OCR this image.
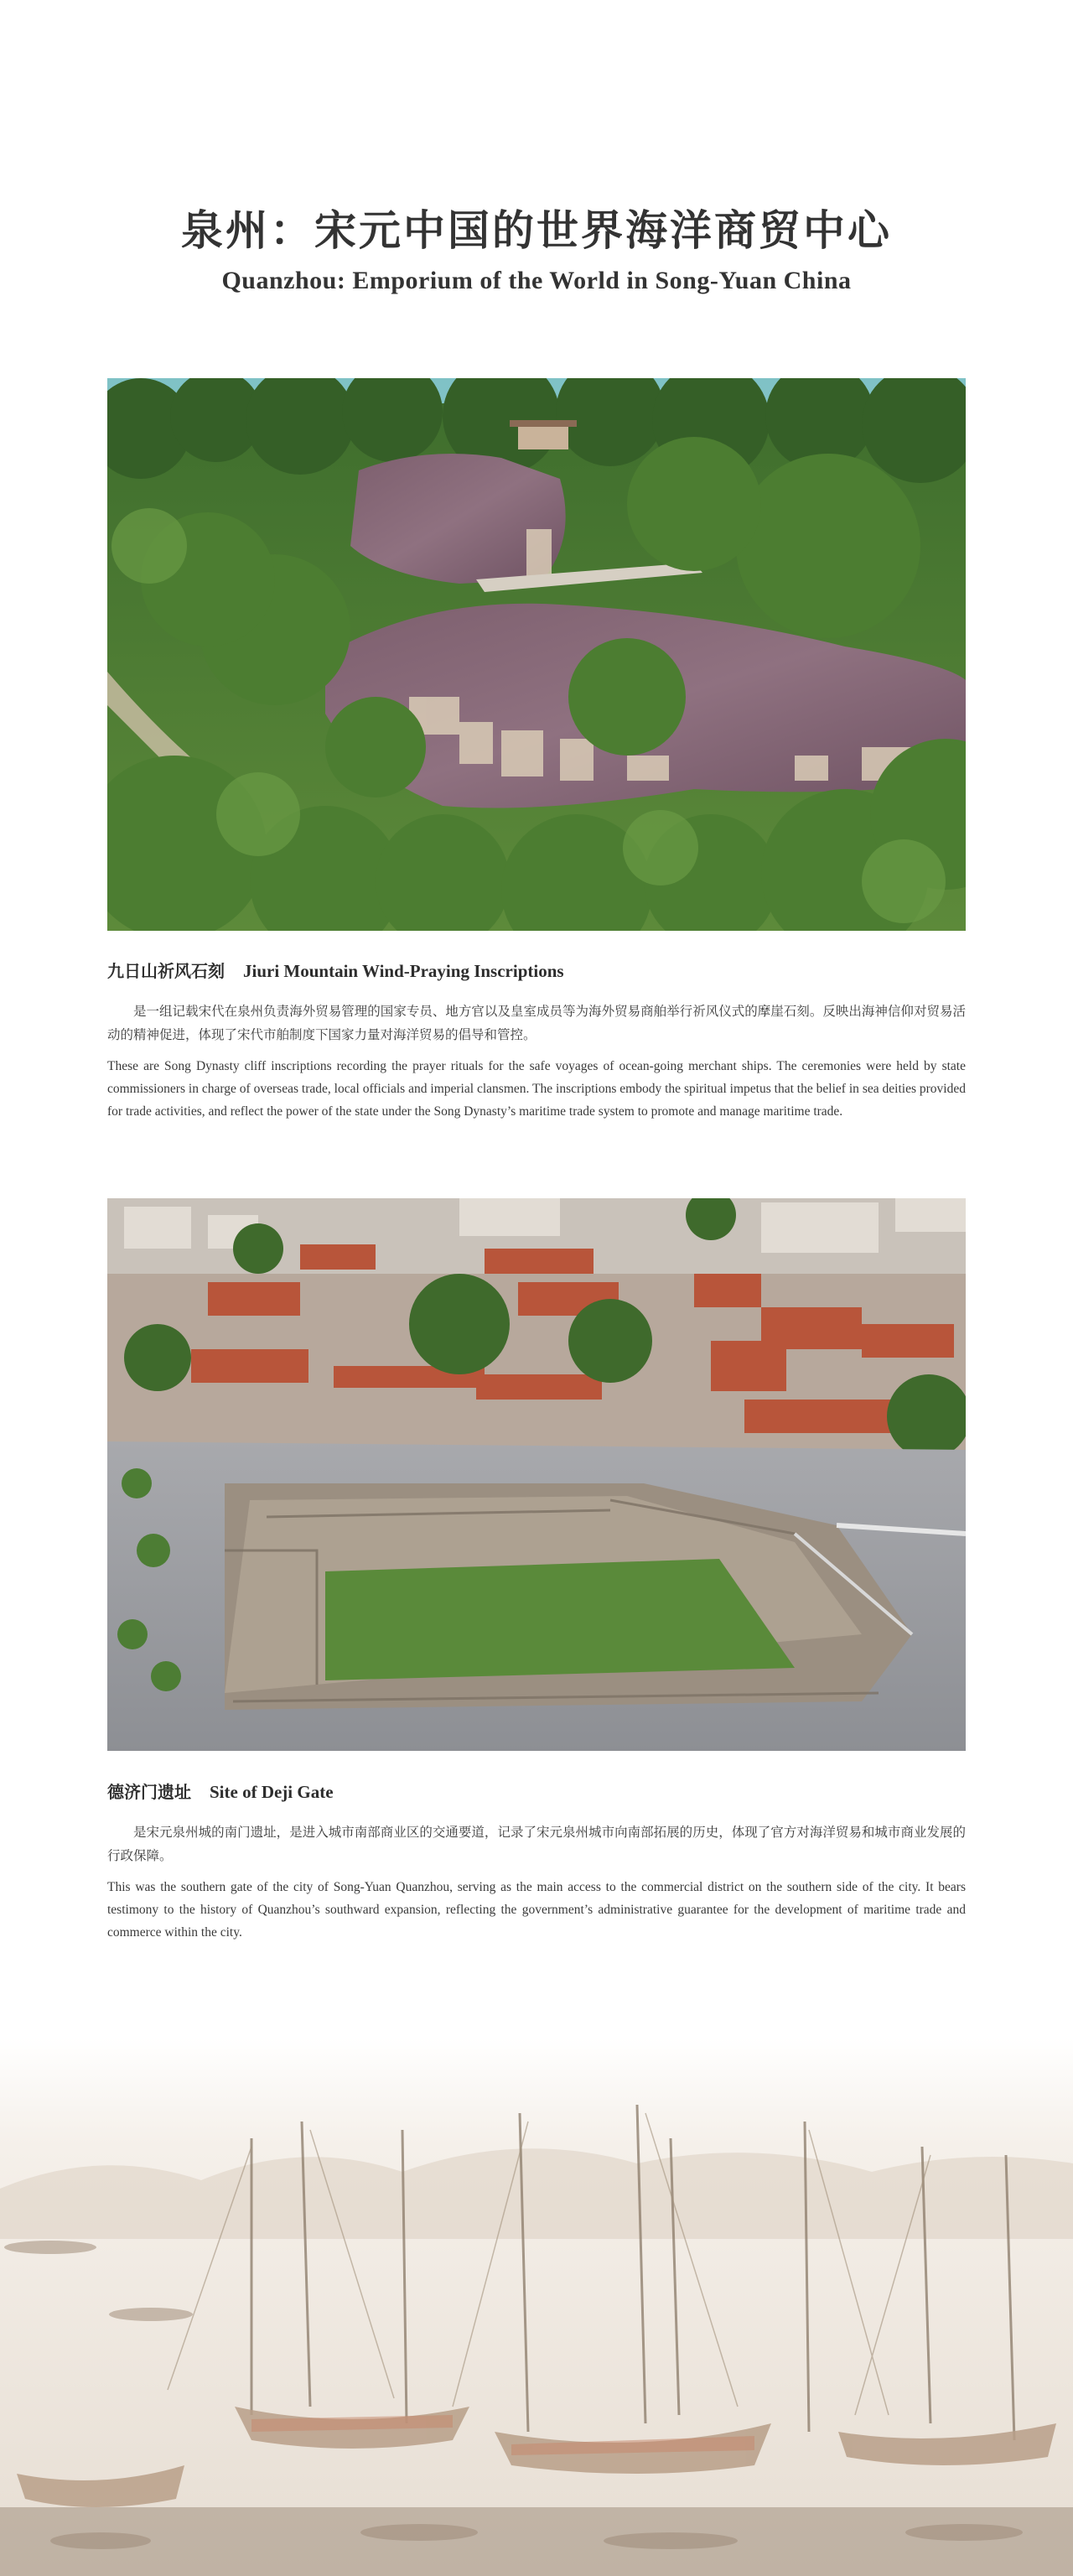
泉州：宋元中国的世界海洋商贸中心
Quanzhou: Emporium of the World in Song-Yuan China
九日山祈风石刻 Jiuri Mountain Wind-Praying Inscriptions

是一组记载宋代在泉州负责海外贸易管理的国家专员、地方官以及皇室成员等为海外贸易商舶举行祈风仪式的摩崖石刻。反映出海神信仰对贸易活动的精神促进，体现了宋代市舶制度下国家力量对海洋贸易的倡导和管控。

These are Song Dynasty cliff inscriptions recording the prayer rituals for the safe voyages of ocean-going merchant ships. The ceremonies were held by state commissioners in charge of overseas trade, local officials and imperial clansmen. The inscriptions embody the spiritual impetus that the belief in sea deities provided for trade activities, and reflect the power of the state under the Song Dynasty’s maritime trade system to promote and manage maritime trade.

德济门遗址 Site of Deji Gate

是宋元泉州城的南门遗址，是进入城市南部商业区的交通要道，记录了宋元泉州城市向南部拓展的历史，体现了官方对海洋贸易和城市商业发展的行政保障。

This was the southern gate of the city of Song-Yuan Quanzhou, serving as the main access to the commercial district on the southern side of the city. It bears testimony to the history of Quanzhou’s southward expansion, reflecting the government’s administrative guarantee for the development of maritime trade and commerce within the city.
